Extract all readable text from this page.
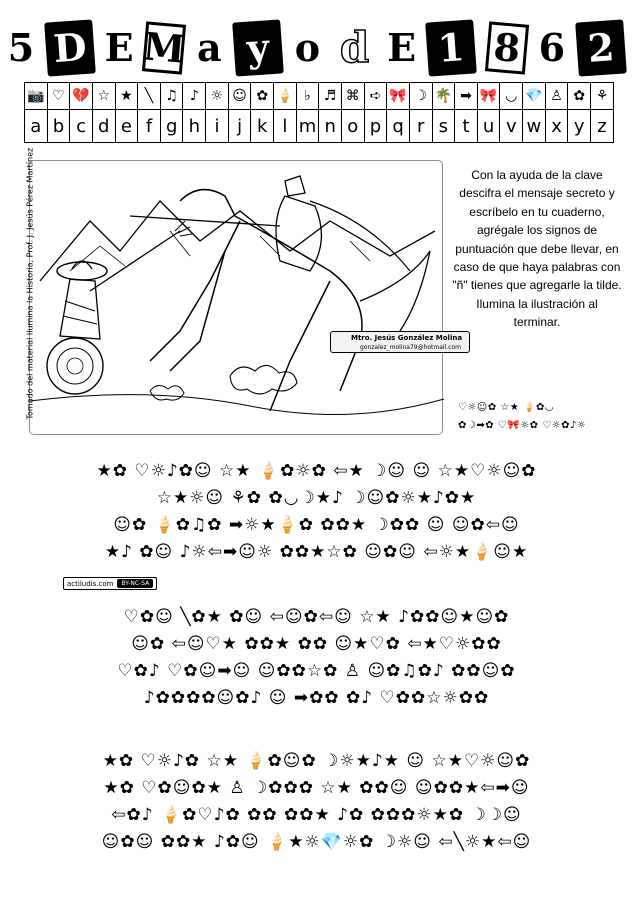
5 D E M a y o d E 1 8 6 2
📷	♡	💔	☆	★	╲	♫	♪	☼	☺	✿	🍦	♭	♬	⌘	➪	🎀	☽	🌴	➡	🎀	◡	💎	♙	✿	⚘
a	b	c	d	e	f	g	h	i	j	k	l	m	n	o	p	q	r	s	t	u	v	w	x	y	z
Mtro. Jesús González Molina
gonzalez_molina79@hotmail.com
actiludis.com	BY-NC-SA
Tomado del material Ilumina la Historia, Prof. J. Jesús Pérez Martínez	Con la ayuda de la clave descifra el mensaje secreto y escríbelo en tu cuaderno, agrégale los signos de puntuación que debe llevar, en caso de que haya palabras con "ñ" tienes que agregarle la tilde. Ilumina la ilustración al terminar.
♡☼☺✿ ☆★ 🍦✿◡
✿☽➡✿ ♡🎀☼✿ ♡☼✿♪☼
★✿ ♡☼♪✿☺ ☆★ 🍦✿☼✿ ⇦★ ☽☺ ☺ ☆★♡☼☺✿
☆★☼☺ ⚘✿ ✿◡☽★♪ ☽☺✿☼★♪✿★
☺✿ 🍦✿♫✿ ➡☼★🍦✿ ✿✿★ ☽✿✿ ☺ ☺✿⇦☺
★♪ ✿☺ ♪☼⇦➡☺☼ ✿✿★☆✿ ☺✿☺ ⇦☼★🍦☺★
♡✿☺ ╲✿★ ✿☺ ⇦☺✿⇦☺ ☆★ ♪✿✿☺★☺✿
☺✿ ⇦☺♡★ ✿✿★ ✿✿ ☺★♡✿ ⇦★♡☼✿✿
♡✿♪ ♡✿☺➡☺ ☺✿✿☆✿ ♙ ☺✿♫✿♪ ✿✿☺✿
♪✿✿✿✿☺✿♪ ☺ ➡✿✿ ✿♪ ♡✿✿☆☼✿✿
★✿ ♡☼♪✿ ☆★ 🍦✿☺✿ ☽☼★♪★ ☺ ☆★♡☼☺✿
★✿ ♡✿☺✿★ ♙ ☽✿✿✿ ☆★ ✿✿☺ ☺✿✿★⇦➡☺
⇦✿♪ 🍦✿♡♪✿ ✿✿ ✿✿★ ♪✿ ✿✿✿☼★✿ ☽☽☺
☺✿☺ ✿✿★ ♪✿☺ 🍦★☼💎☼✿ ☽☼☺ ⇦╲☼★⇦☺
